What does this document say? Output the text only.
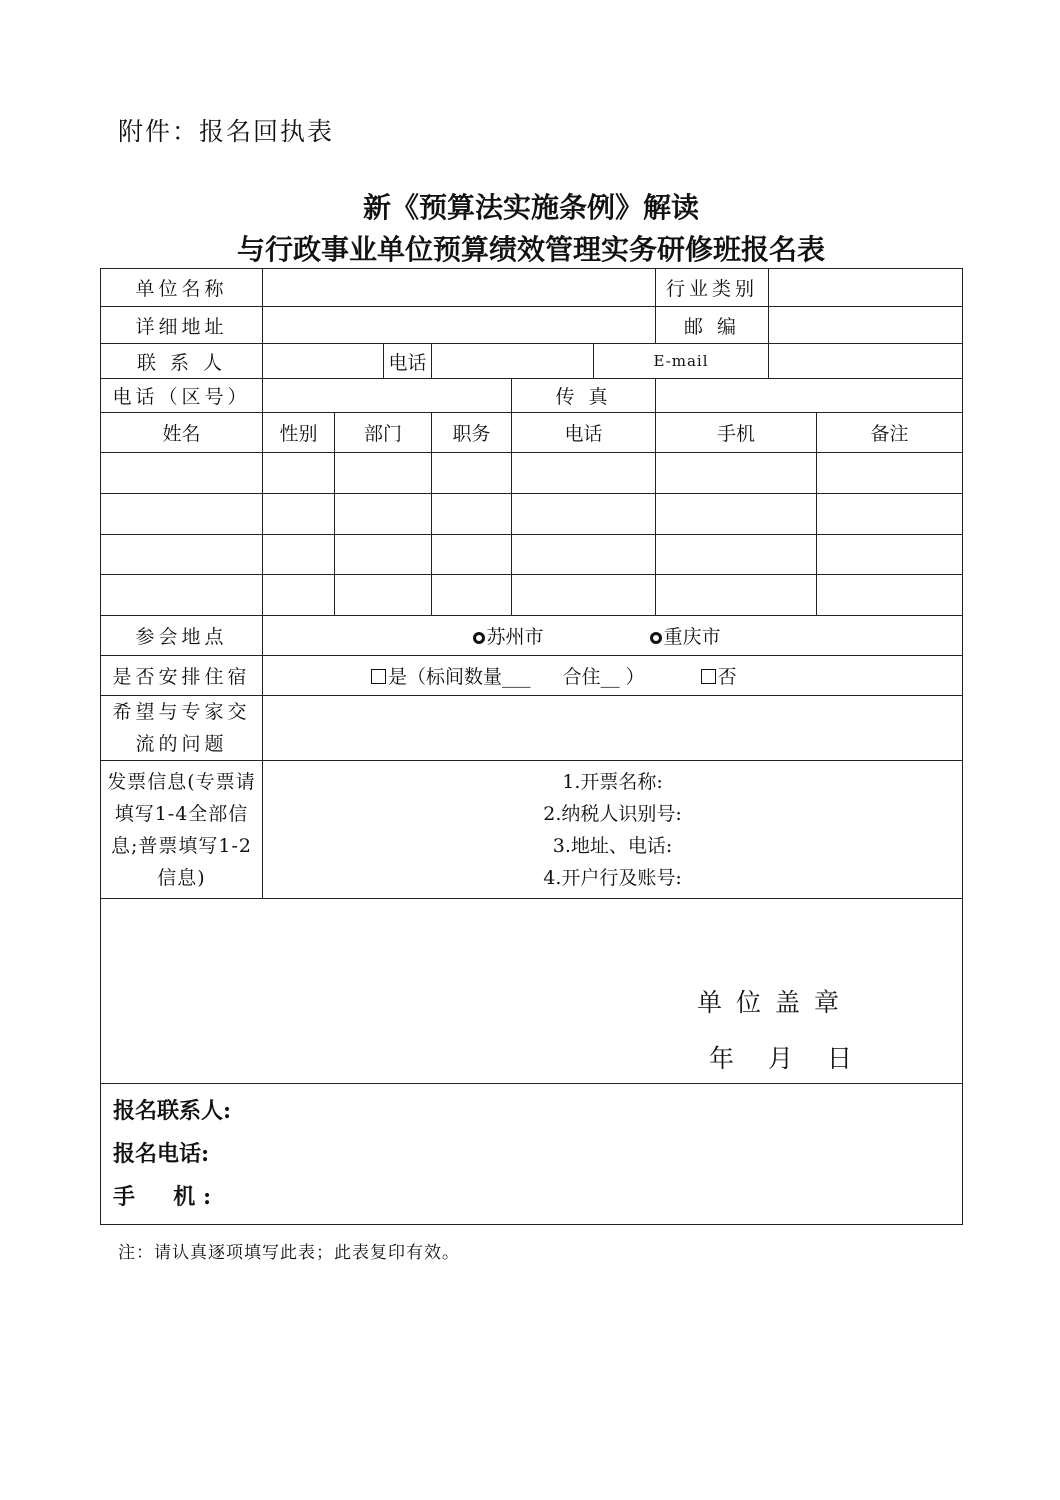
附件：报名回执表
新《预算法实施条例》解读
与行政事业单位预算绩效管理实务研修班报名表
单位名称							行业类别		
详细地址							邮 编		
联 系 人			电话			E-mail			
电话（区号）					传 真				
姓名	性别	部门		职务	电话		手机		备注

参会地点	苏州市 重庆市								
是否安排住宿	是（标间数量___ 合住__ ） 否								
希望与专家交流的问题									
发票信息(专票请填写1-4全部信息;普票填写1-2信息)	1.开票名称:
2.纳税人识别号:
3.地址、电话:
4.开户行及账号:								

单位盖章
年 月 日									

报名联系人:
报名电话:
手     机 :									
注：请认真逐项填写此表；此表复印有效。
